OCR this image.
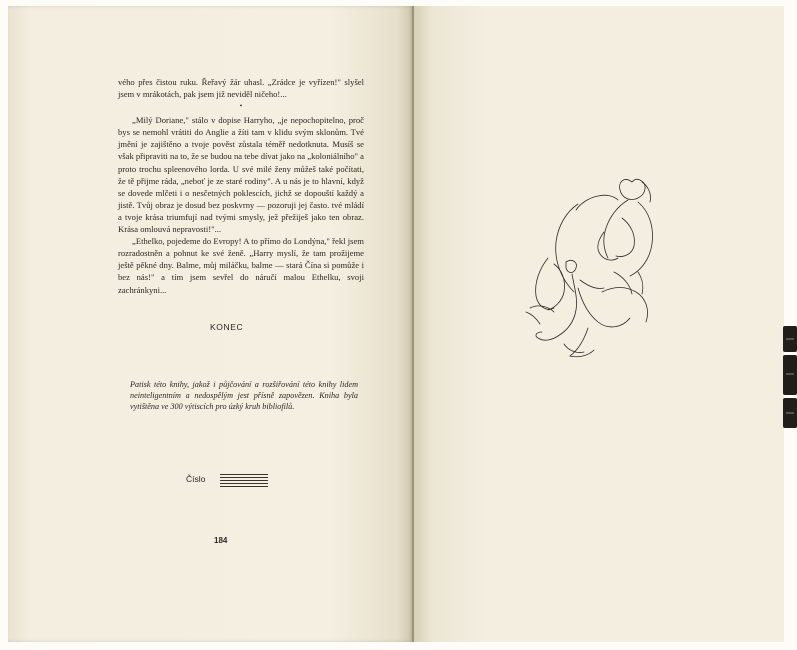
vého přes čistou ruku. Řeřavý žár uhasl. „Zrádce je vyřízen!" slyšel jsem v mrákotách, pak jsem již neviděl ničeho!...

•

„Milý Doriane," stálo v dopise Harryho, „je nepochopitelno, proč bys se nemohl vrátiti do Anglie a žíti tam v klidu svým sklonům. Tvé jmění je zajištěno a tvoje pověst zůstala téměř nedotknuta. Musíš se však připraviti na to, že se budou na tebe dívat jako na „koloniálního" a proto trochu spleenového lorda. U své milé ženy můžeš také počítati, že tě přijme ráda, „neboť je ze staré rodiny". A u nás je to hlavní, když se dovede mlčeti i o nesčetných poklescích, jichž se dopouští každý a jistě. Tvůj obraz je dosud bez poskvrny — pozoruji jej často. tvé mládí a tvoje krása triumfují nad tvými smysly, jež přežiješ jako ten obraz. Krása omlouvá nepravosti!"...

„Ethelko, pojedeme do Evropy! A to přímo do Londýna," řekl jsem rozradostněn a pohnut ke své ženě. „Harry myslí, že tam prožijeme ještě pěkné dny. Balme, můj miláčku, balme — stará Čína si pomůže i bez nás!" a tím jsem sevřel do náručí malou Ethelku, svoji zachránkyni...

KONEC
Patisk této knihy, jakož i půjčování a rozšiřování této knihy lidem neinteligentním a nedospělým jest přísně zapovězen. Kniha byla vytištěna ve 300 výtiscích pro úzký kruh bibliofilů.
Číslo
184
